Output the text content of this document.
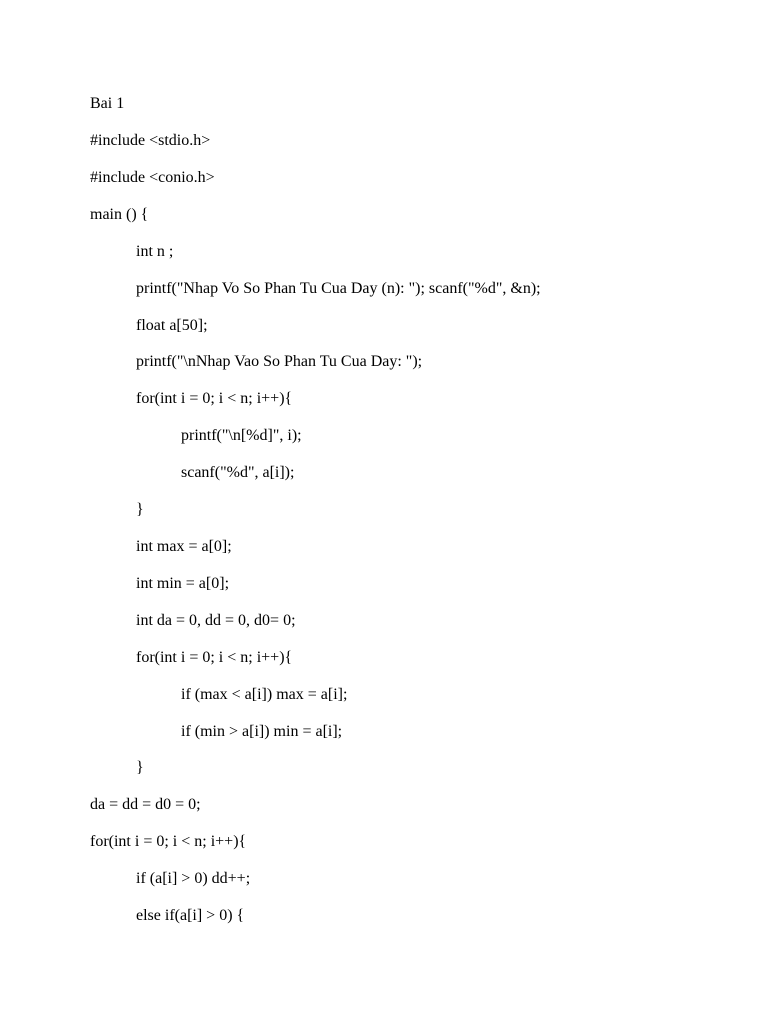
Bai 1
#include <stdio.h>
#include <conio.h>
main () {
int n ;
printf("Nhap Vo So Phan Tu Cua Day (n): "); scanf("%d", &n);
float a[50];
printf("\nNhap Vao So Phan Tu Cua Day: ");
for(int i = 0; i < n; i++){
printf("\n[%d]", i);
scanf("%d", a[i]);
}
int max = a[0];
int min = a[0];
int da = 0, dd = 0, d0= 0;
for(int i = 0; i < n; i++){
if (max < a[i]) max = a[i];
if (min > a[i]) min = a[i];
}
da = dd = d0 = 0;
for(int i = 0; i < n; i++){
if (a[i] > 0) dd++;
else if(a[i] > 0) {
